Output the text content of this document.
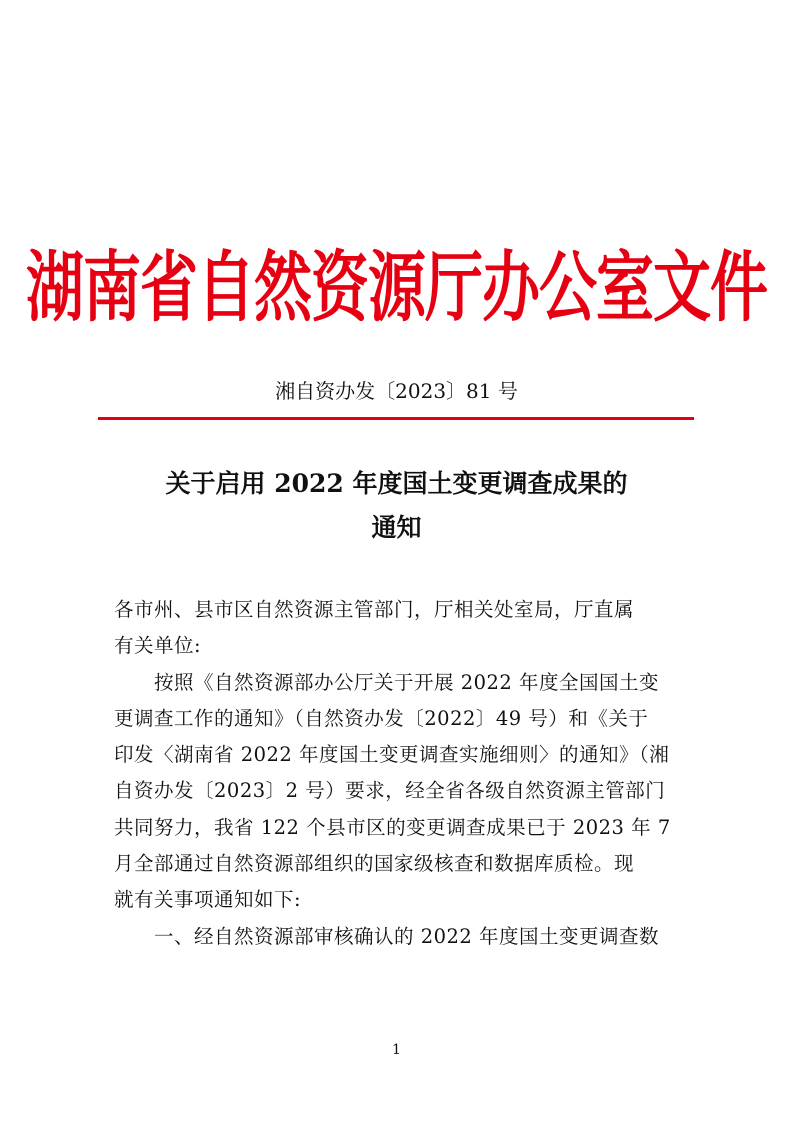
湖南省自然资源厅办公室文件
湘自资办发〔2023〕81 号
关于启用 2022 年度国土变更调查成果的
通知
各市州、县市区自然资源主管部门，厅相关处室局，厅直属
有关单位:
按照《自然资源部办公厅关于开展 2022 年度全国国土变
更调查工作的通知》（自然资办发〔2022〕49 号）和《关于
印发〈湖南省 2022 年度国土变更调查实施细则〉的通知》（湘
自资办发〔2023〕2 号）要求，经全省各级自然资源主管部门
共同努力，我省 122 个县市区的变更调查成果已于 2023 年 7
月全部通过自然资源部组织的国家级核查和数据库质检。现
就有关事项通知如下:
一、经自然资源部审核确认的 2022 年度国土变更调查数
1
